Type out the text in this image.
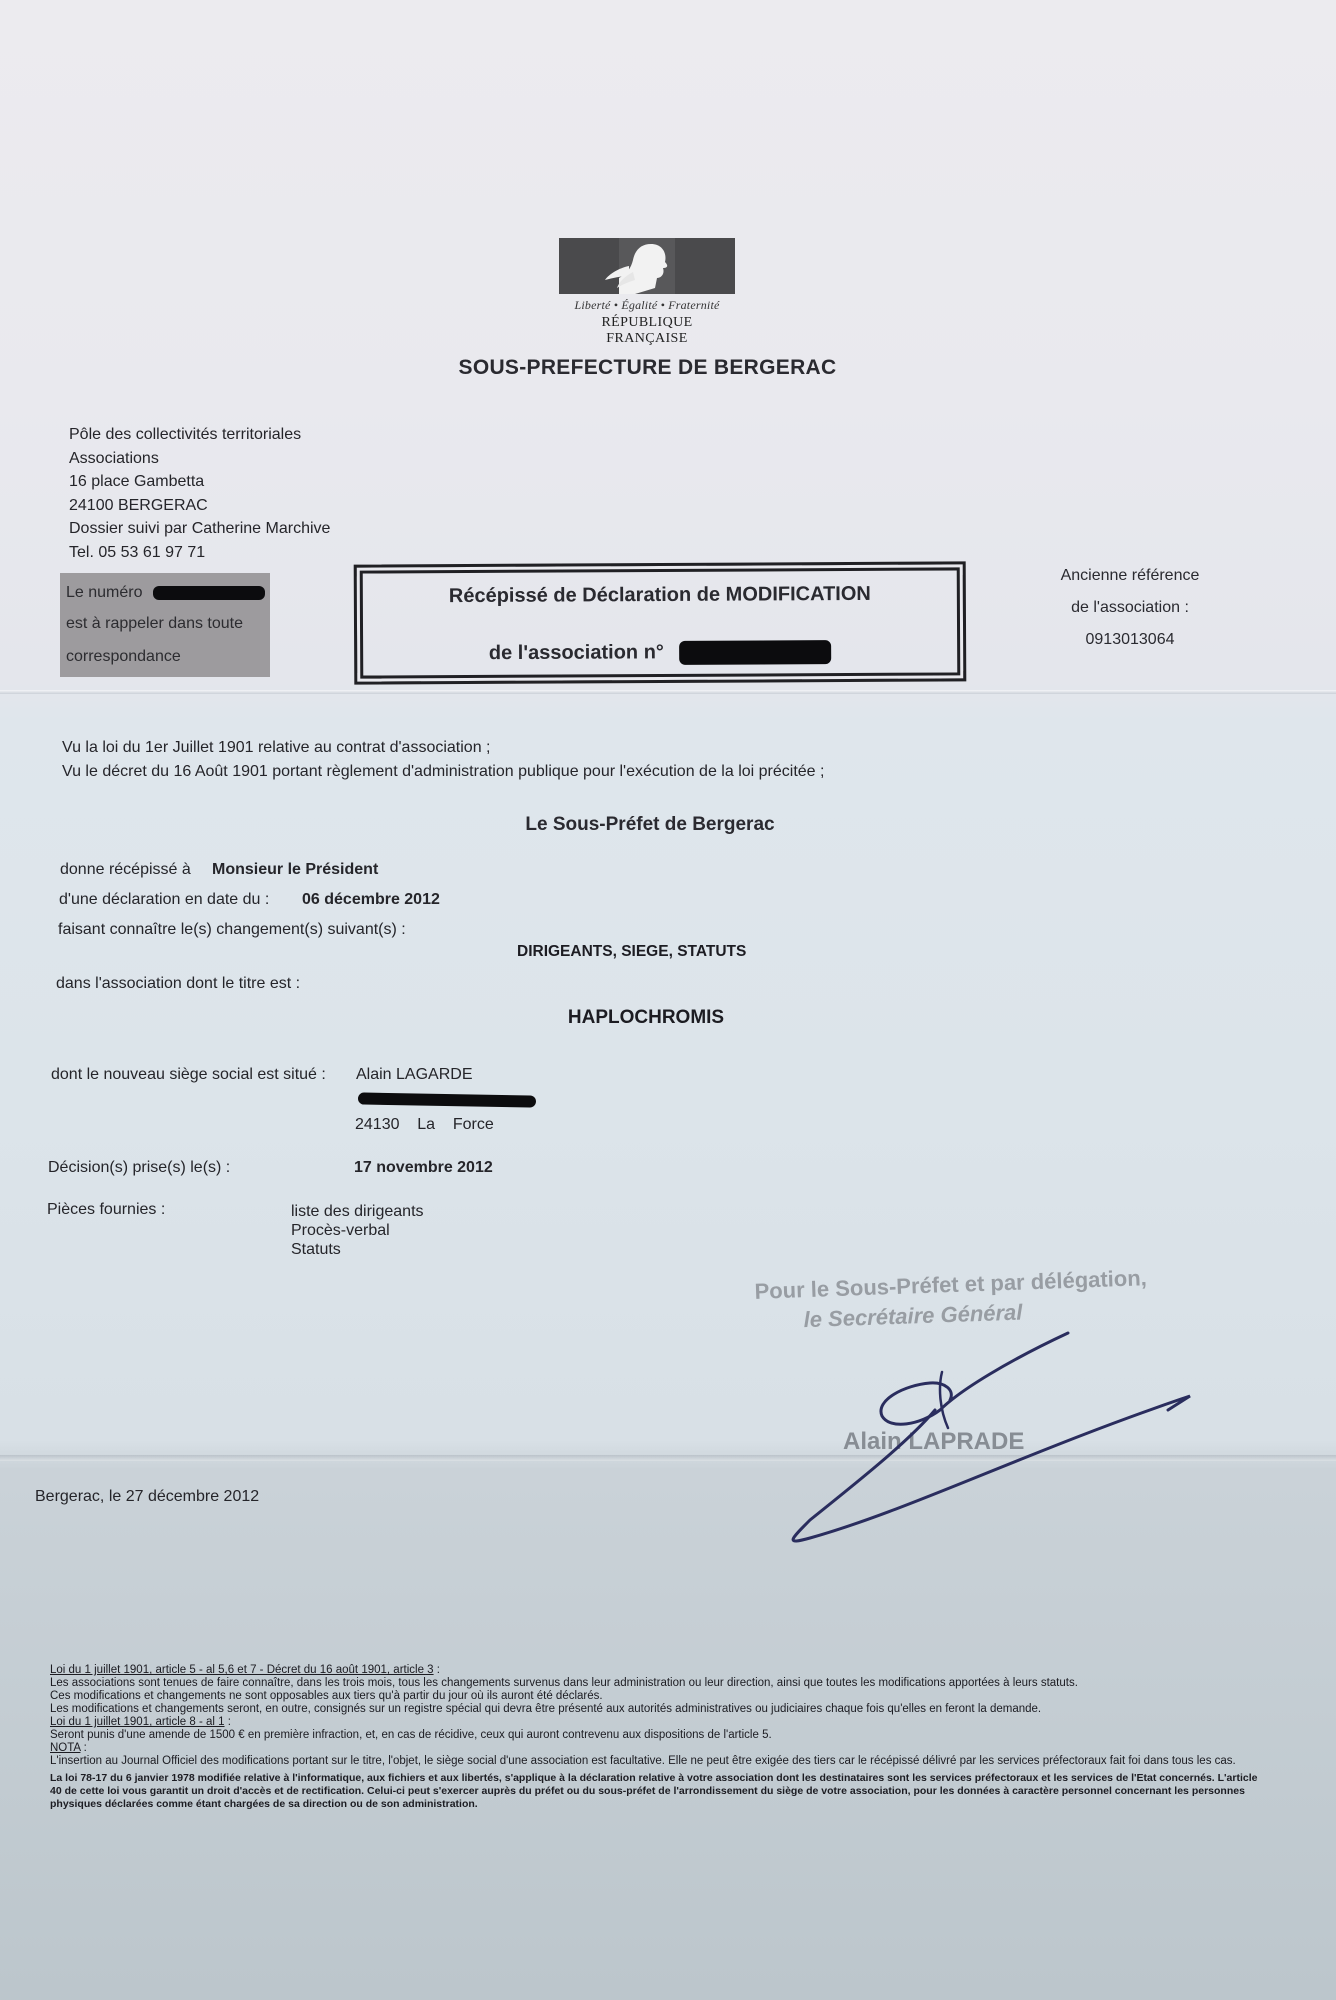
Liberté • Égalité • Fraternité
RÉPUBLIQUE FRANÇAISE
SOUS-PREFECTURE DE BERGERAC
Pôle des collectivités territoriales
Associations
16 place Gambetta
24100 BERGERAC
Dossier suivi par Catherine Marchive
Tel. 05 53 61 97 71
Le numéro
est à rappeler dans toute
correspondance
Récépissé de Déclaration de MODIFICATION
de l'association n°
Ancienne référence
de l'association :
0913013064
Vu la loi du 1er Juillet 1901 relative au contrat d'association ;
Vu le décret du 16 Août 1901 portant règlement d'administration publique pour l'exécution de la loi précitée ;
Le Sous-Préfet de Bergerac
donne récépissé à Monsieur le Président
d'une déclaration en date du : 06 décembre 2012
faisant connaître le(s) changement(s) suivant(s) :
DIRIGEANTS, SIEGE, STATUTS
dans l'association dont le titre est :
HAPLOCHROMIS
dont le nouveau siège social est situé : Alain LAGARDE
24130    La    Force
Décision(s) prise(s) le(s) :	17 novembre 2012
Pièces fournies :	liste des dirigeants
Procès-verbal
Statuts
Pour le Sous-Préfet et par délégation,
le Secrétaire Général
Alain LAPRADE
Bergerac, le 27 décembre 2012
Loi du 1 juillet 1901, article 5 - al 5,6 et 7 - Décret du 16 août 1901, article 3 :
Les associations sont tenues de faire connaître, dans les trois mois, tous les changements survenus dans leur administration ou leur direction, ainsi que toutes les modifications apportées à leurs statuts.
Ces modifications et changements ne sont opposables aux tiers qu'à partir du jour où ils auront été déclarés.
Les modifications et changements seront, en outre, consignés sur un registre spécial qui devra être présenté aux autorités administratives ou judiciaires chaque fois qu'elles en feront la demande.
Loi du 1 juillet 1901, article 8 - al 1 :
Seront punis d'une amende de 1500 € en première infraction, et, en cas de récidive, ceux qui auront contrevenu aux dispositions de l'article 5.
NOTA :
L'insertion au Journal Officiel des modifications portant sur le titre, l'objet, le siège social d'une association est facultative. Elle ne peut être exigée des tiers car le récépissé délivré par les services préfectoraux fait foi dans tous les cas.
La loi 78-17 du 6 janvier 1978 modifiée relative à l'informatique, aux fichiers et aux libertés, s'applique à la déclaration relative à votre association dont les destinataires sont les services préfectoraux et les services de l'Etat concernés. L'article 40 de cette loi vous garantit un droit d'accès et de rectification. Celui-ci peut s'exercer auprès du préfet ou du sous-préfet de l'arrondissement du siège de votre association, pour les données à caractère personnel concernant les personnes physiques déclarées comme étant chargées de sa direction ou de son administration.
